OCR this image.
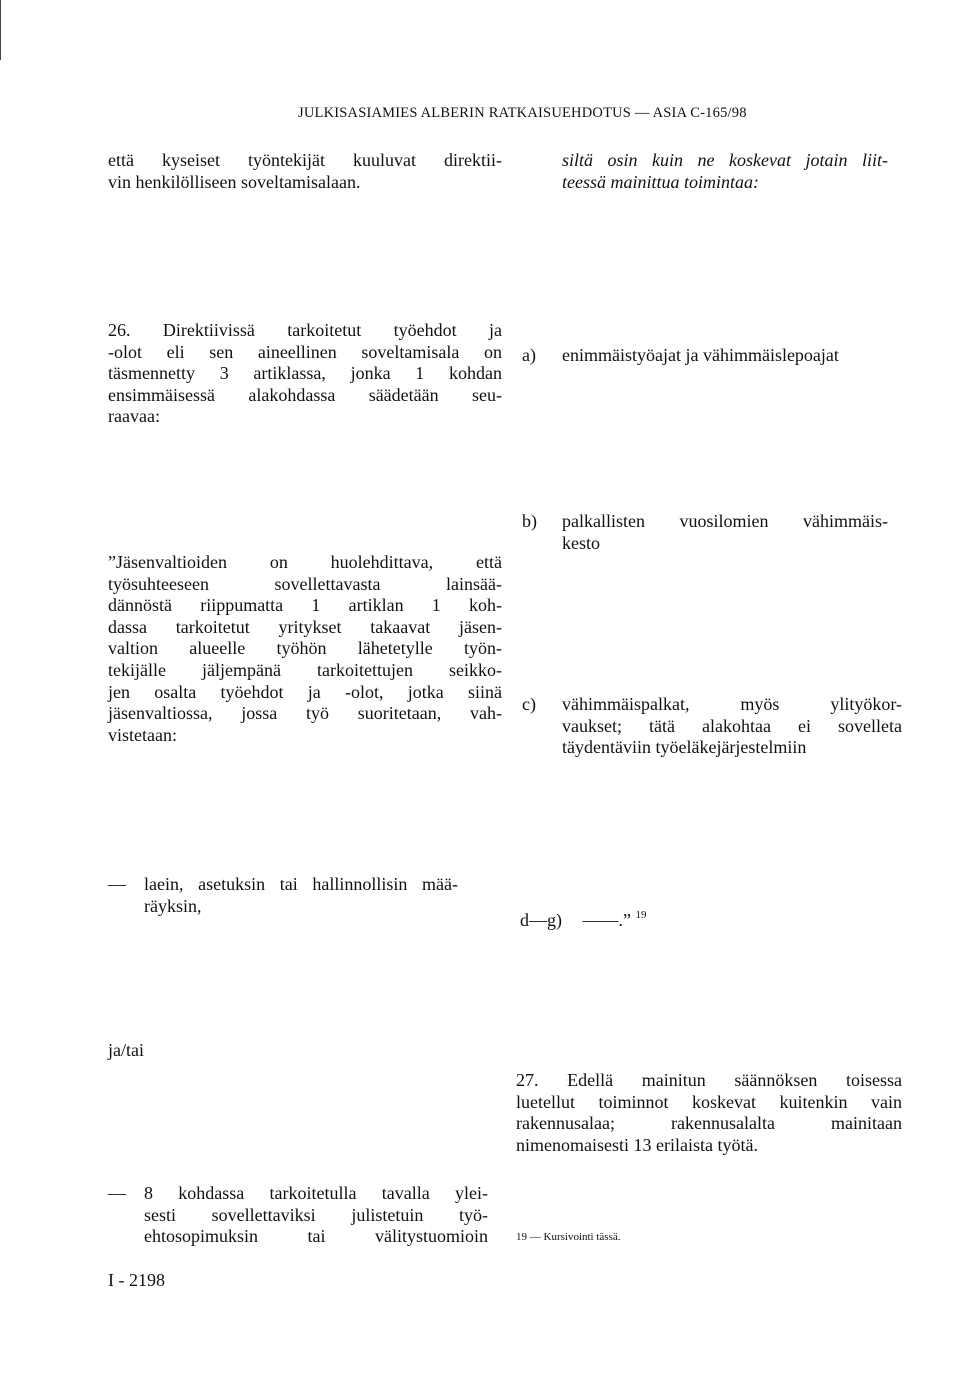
JULKISASIAMIES ALBERIN RATKAISUEHDOTUS — ASIA C-165/98
että kyseiset työntekijät kuuluvat direktii-
vin henkilölliseen soveltamisalaan.
26. Direktiivissä tarkoitetut työehdot ja
-olot eli sen aineellinen soveltamisala on
täsmennetty 3 artiklassa, jonka 1 kohdan
ensimmäisessä alakohdassa säädetään seu-
raavaa:
”Jäsenvaltioiden on huolehdittava, että
työsuhteeseen sovellettavasta lainsää-
dännöstä riippumatta 1 artiklan 1 koh-
dassa tarkoitetut yritykset takaavat jäsen-
valtion alueelle työhön lähetetylle työn-
tekijälle jäljempänä tarkoitettujen seikko-
jen osalta työehdot ja -olot, jotka siinä
jäsenvaltiossa, jossa työ suoritetaan, vah-
vistetaan:
— laein, asetuksin tai hallinnollisin mää-
räyksin,
ja/tai
— 8 kohdassa tarkoitetulla tavalla ylei-
sesti sovellettaviksi julistetuin työ-
ehtosopimuksin tai välitystuomioin
I - 2198
siltä osin kuin ne koskevat jotain liit-
teessä mainittua toimintaa:
a) enimmäistyöajat ja vähimmäislepoajat
b) palkallisten vuosilomien vähimmäis-
kesto
c) vähimmäispalkat, myös ylityökor-
vaukset; tätä alakohtaa ei sovelleta
täydentäviin työeläkejärjestelmiin
d—g) ——.” $^{19}$
27. Edellä mainitun säännöksen toisessa
luetellut toiminnot koskevat kuitenkin vain
rakennusalaa; rakennusalalta mainitaan
nimenomaisesti 13 erilaista työtä.
19 — Kursivointi tässä.
